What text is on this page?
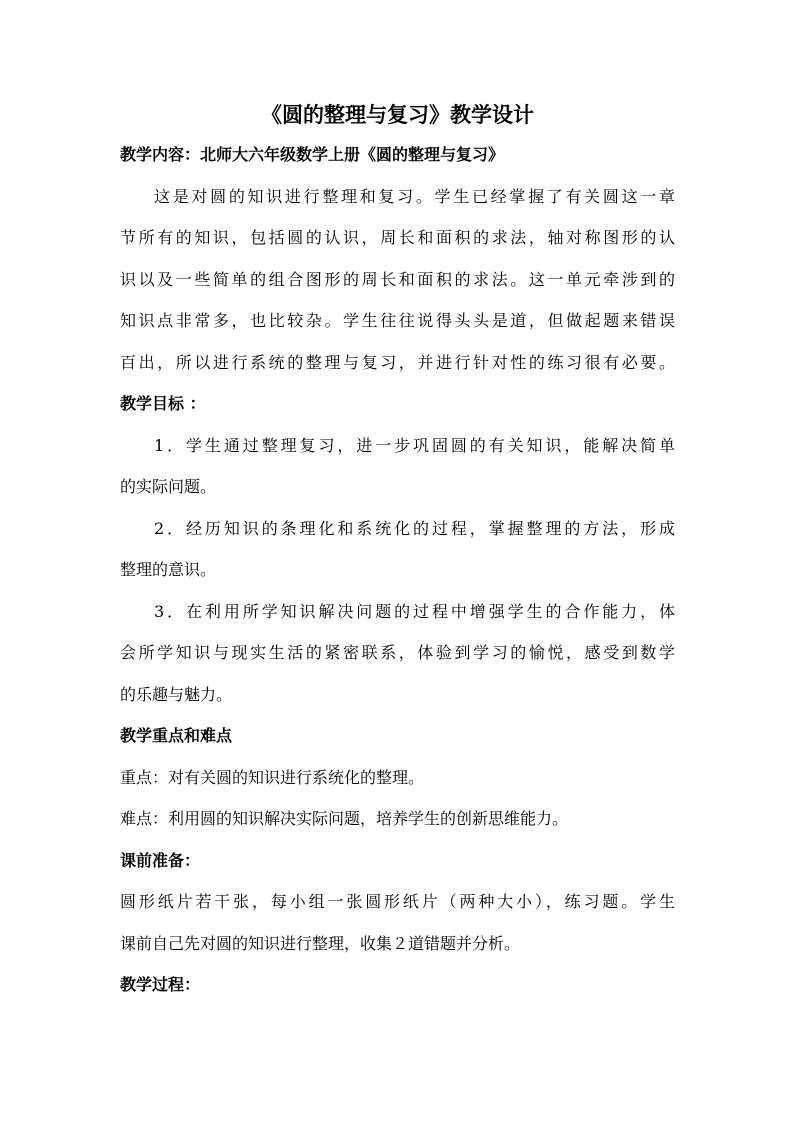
《圆的整理与复习》教学设计

教学内容：北师大六年级数学上册《圆的整理与复习》

这是对圆的知识进行整理和复习。学生已经掌握了有关圆这一章

节所有的知识，包括圆的认识，周长和面积的求法，轴对称图形的认

识以及一些简单的组合图形的周长和面积的求法。这一单元牵涉到的

知识点非常多，也比较杂。学生往往说得头头是道，但做起题来错误

百出，所以进行系统的整理与复习，并进行针对性的练习很有必要。

教学目标 ：

1．学生通过整理复习，进一步巩固圆的有关知识，能解决简单

的实际问题。

2．经历知识的条理化和系统化的过程，掌握整理的方法，形成

整理的意识。

3．在利用所学知识解决问题的过程中增强学生的合作能力，体

会所学知识与现实生活的紧密联系，体验到学习的愉悦，感受到数学

的乐趣与魅力。

教学重点和难点

重点：对有关圆的知识进行系统化的整理。

难点：利用圆的知识解决实际问题，培养学生的创新思维能力。

课前准备：

圆形纸片若干张，每小组一张圆形纸片（两种大小），练习题。学生

课前自己先对圆的知识进行整理，收集２道错题并分析。

教学过程：
